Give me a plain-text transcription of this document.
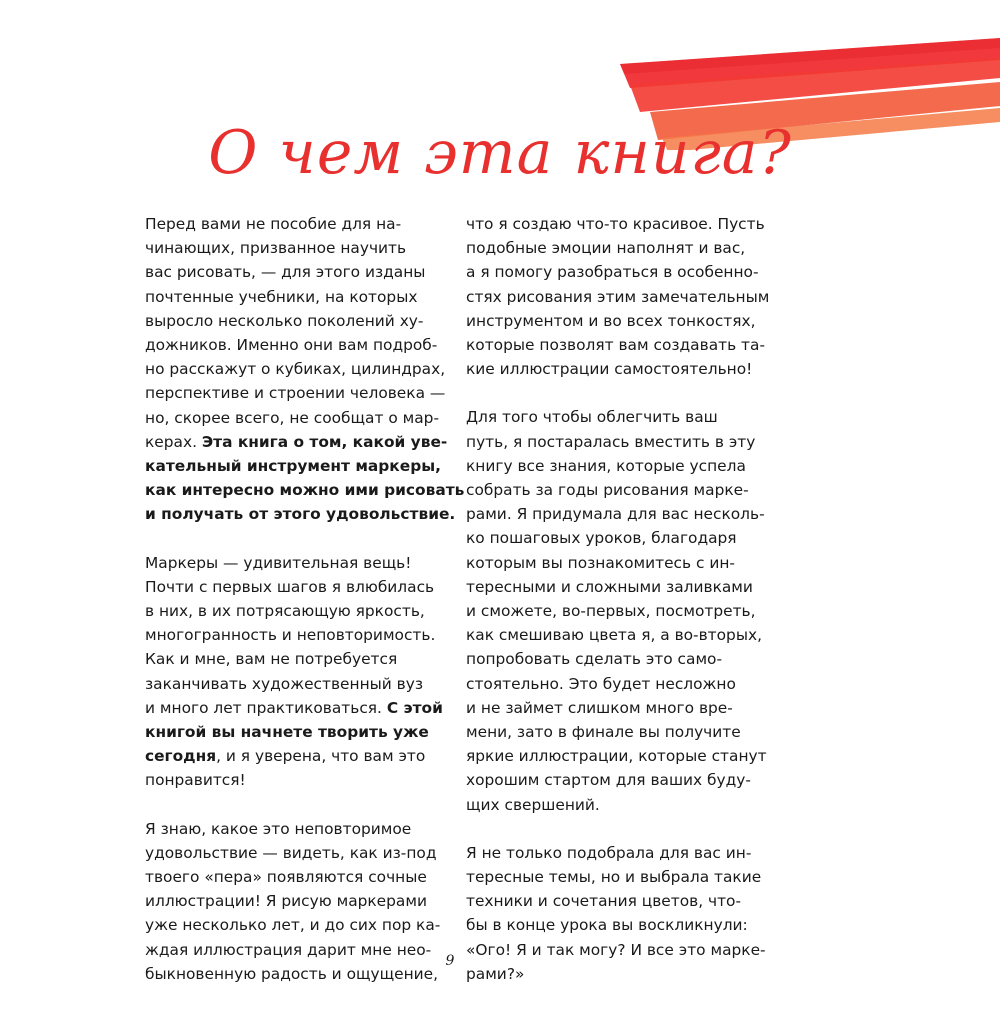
О чем эта книга?

Перед вами не пособие для на-
чинающих, призванное научить
вас рисовать, — для этого изданы
почтенные учебники, на которых
выросло несколько поколений ху-
дожников. Именно они вам подроб-
но расскажут о кубиках, цилиндрах,
перспективе и строении человека —
но, скорее всего, не сообщат о мар-
керах. Эта книга о том, какой уве-
кательный инструмент маркеры,
как интересно можно ими рисовать
и получать от этого удовольствие.

Маркеры — удивительная вещь!
Почти с первых шагов я влюбилась
в них, в их потрясающую яркость,
многогранность и неповторимость.
Как и мне, вам не потребуется
заканчивать художественный вуз
и много лет практиковаться. С этой
книгой вы начнете творить уже
сегодня, и я уверена, что вам это
понравится!

Я знаю, какое это неповторимое
удовольствие — видеть, как из-под
твоего «пера» появляются сочные
иллюстрации! Я рисую маркерами
уже несколько лет, и до сих пор ка-
ждая иллюстрация дарит мне нео-
быкновенную радость и ощущение,

что я создаю что-то красивое. Пусть
подобные эмоции наполнят и вас,
а я помогу разобраться в особенно-
стях рисования этим замечательным
инструментом и во всех тонкостях,
которые позволят вам создавать та-
кие иллюстрации самостоятельно!

Для того чтобы облегчить ваш
путь, я постаралась вместить в эту
книгу все знания, которые успела
собрать за годы рисования марке-
рами. Я придумала для вас несколь-
ко пошаговых уроков, благодаря
которым вы познакомитесь с ин-
тересными и сложными заливками
и сможете, во-первых, посмотреть,
как смешиваю цвета я, а во-вторых,
попробовать сделать это само-
стоятельно. Это будет несложно
и не займет слишком много вре-
мени, зато в финале вы получите
яркие иллюстрации, которые станут
хорошим стартом для ваших буду-
щих свершений.

Я не только подобрала для вас ин-
тересные темы, но и выбрала такие
техники и сочетания цветов, что-
бы в конце урока вы воскликнули:
«Ого! Я и так могу? И все это марке-
рами?»

9
